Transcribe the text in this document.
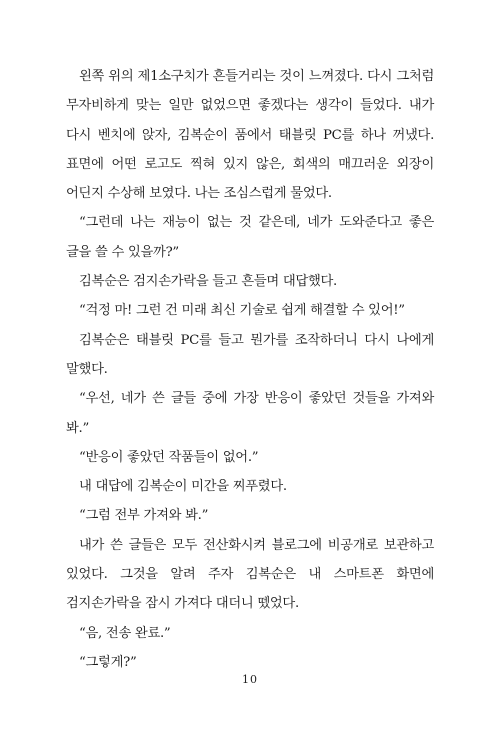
왼쪽 위의 제1소구치가 흔들거리는 것이 느껴졌다. 다시 그처럼 무자비하게 맞는 일만 없었으면 좋겠다는 생각이 들었다. 내가 다시 벤치에 앉자, 김복순이 품에서 태블릿 PC를 하나 꺼냈다. 표면에 어떤 로고도 찍혀 있지 않은, 회색의 매끄러운 외장이 어딘지 수상해 보였다. 나는 조심스럽게 물었다.

“그런데 나는 재능이 없는 것 같은데, 네가 도와준다고 좋은 글을 쓸 수 있을까?”

김복순은 검지손가락을 들고 흔들며 대답했다.

“걱정 마! 그런 건 미래 최신 기술로 쉽게 해결할 수 있어!”

김복순은 태블릿 PC를 들고 뭔가를 조작하더니 다시 나에게 말했다.

“우선, 네가 쓴 글들 중에 가장 반응이 좋았던 것들을 가져와 봐.”

“반응이 좋았던 작품들이 없어.”

내 대답에 김복순이 미간을 찌푸렸다.

“그럼 전부 가져와 봐.”

내가 쓴 글들은 모두 전산화시켜 블로그에 비공개로 보관하고 있었다. 그것을 알려 주자 김복순은 내 스마트폰 화면에 검지손가락을 잠시 가져다 대더니 뗐었다.

“음, 전송 완료.”

“그렇게?”

10
